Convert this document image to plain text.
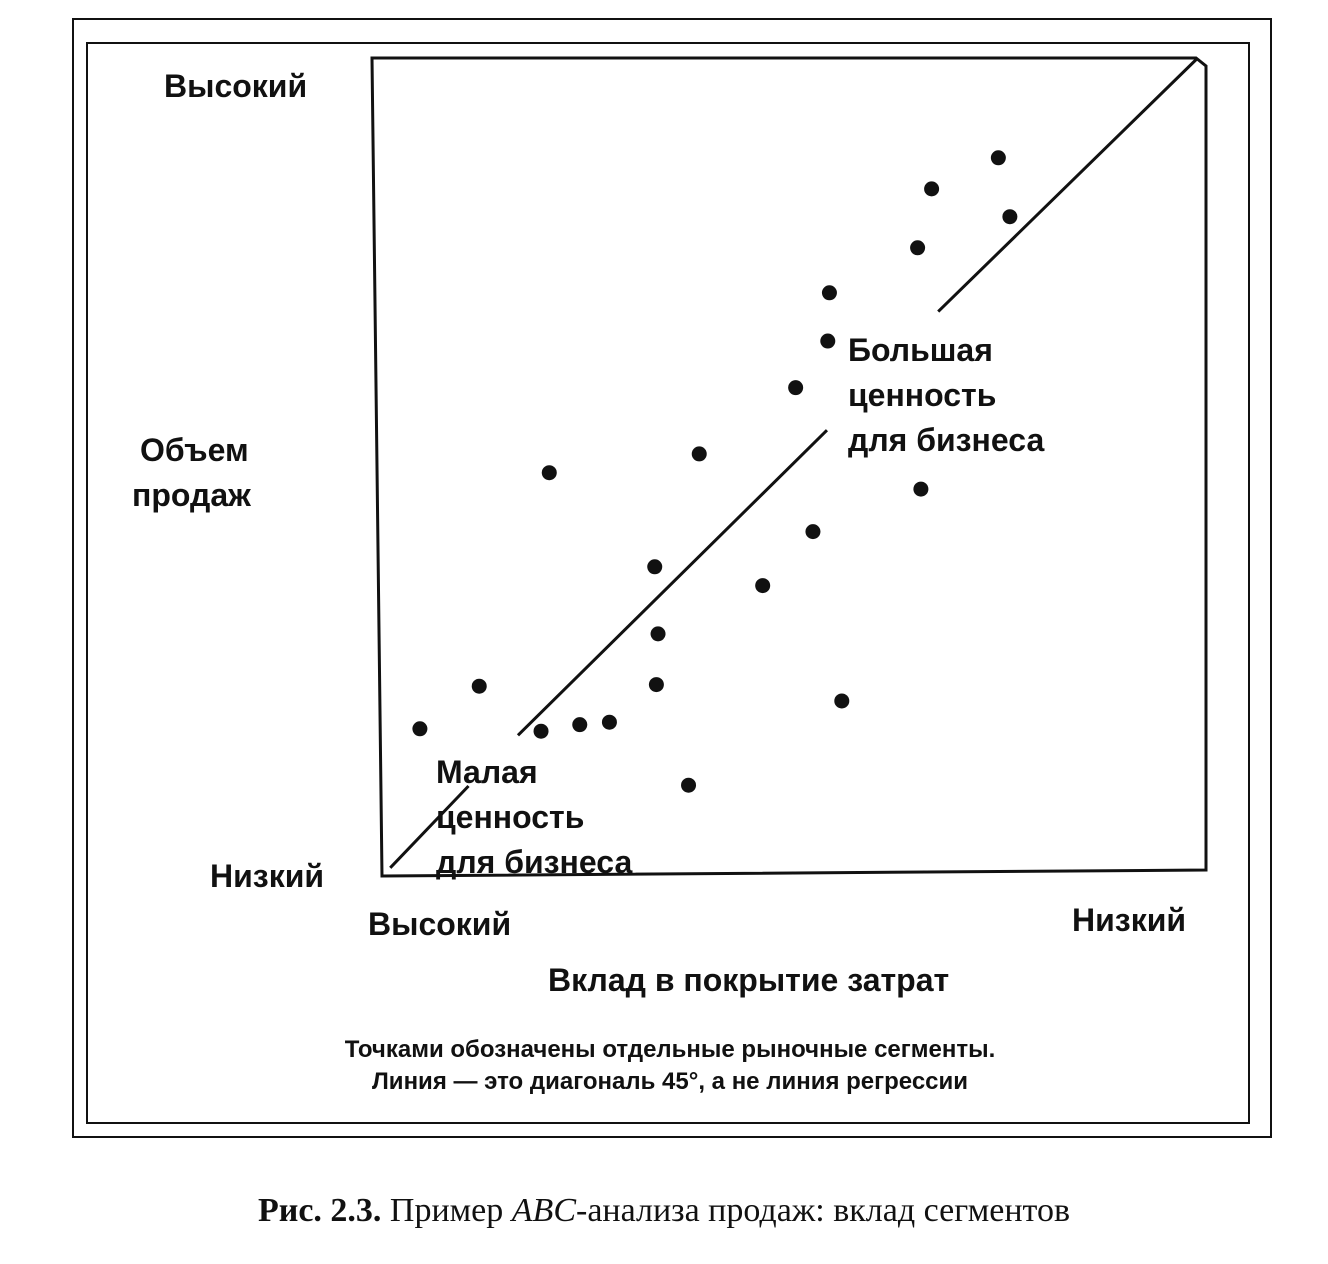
Высокий
Объем
продаж
Низкий
Большая
ценность
для бизнеса
Малая
ценность
для бизнеса
Высокий	Низкий
Вклад в покрытие затрат
Точками обозначены отдельные рыночные сегменты.
Линия — это диагональ 45°, а не линия регрессии
Рис. 2.3. Пример ABC-анализа продаж: вклад сегментов
